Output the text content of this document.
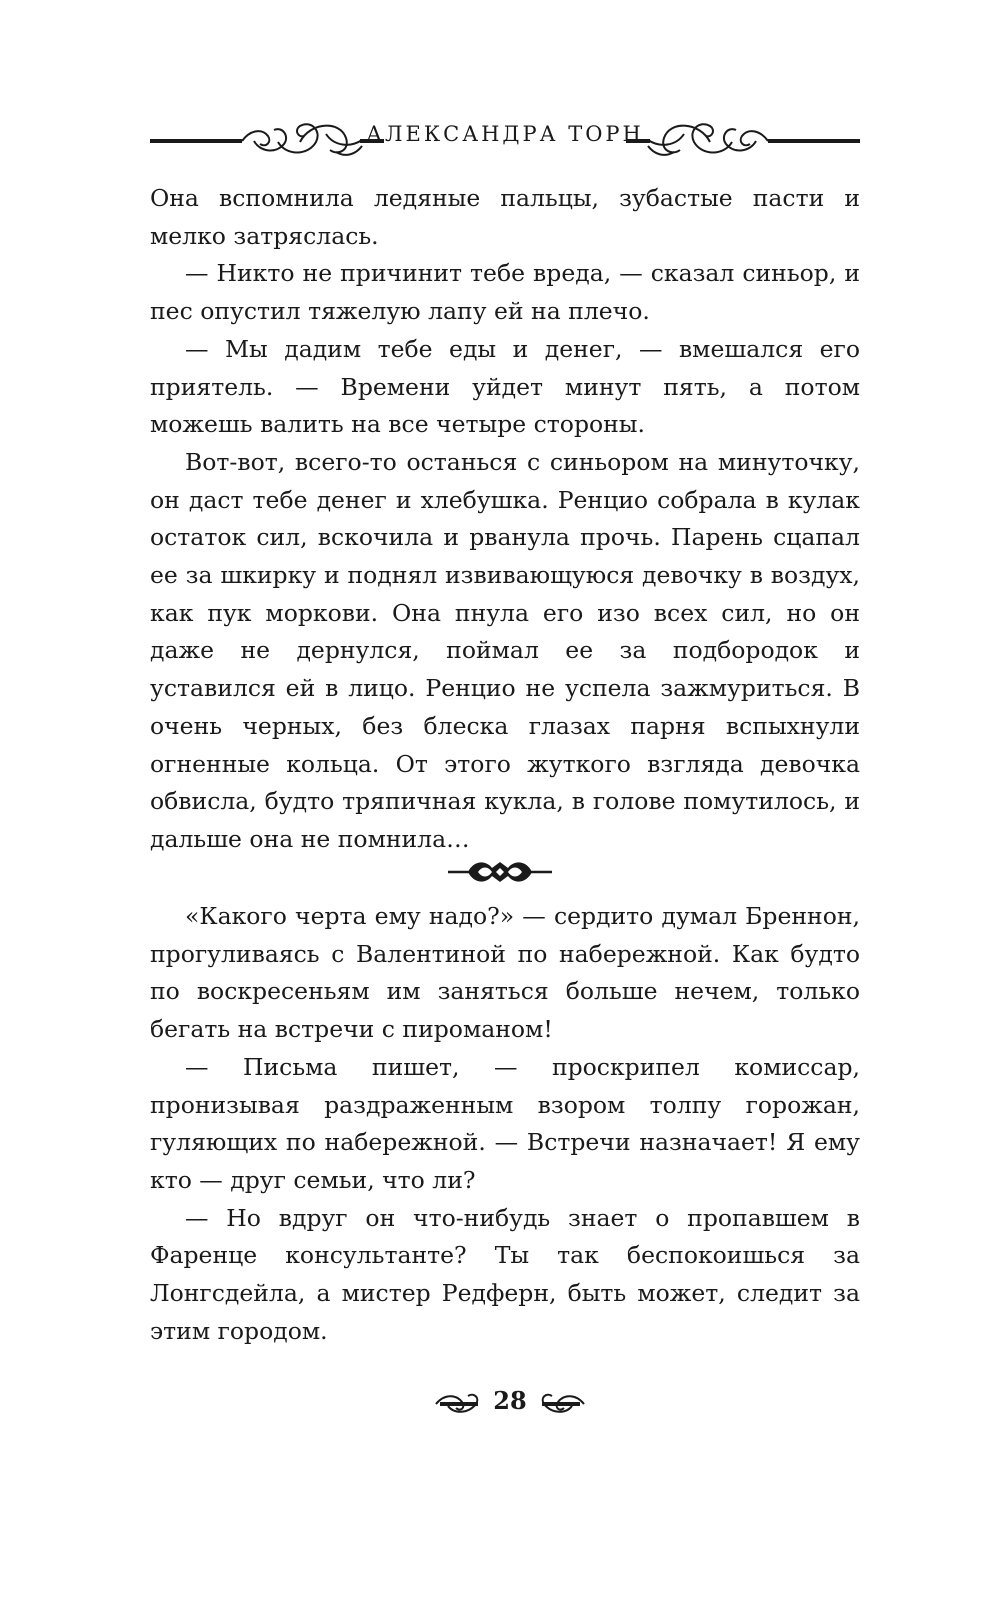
АЛЕКСАНДРА ТОРН

Она вспомнила ледяные пальцы, зубастые пасти и мелко затряслась.

— Никто не причинит тебе вреда, — сказал синьор, и пес опустил тяжелую лапу ей на плечо.

— Мы дадим тебе еды и денег, — вмешался его приятель. — Времени уйдет минут пять, а потом можешь валить на все четыре стороны.

Вот-вот, всего-то останься с синьором на минуточку, он даст тебе денег и хлебушка. Ренцио собрала в кулак остаток сил, вскочила и рванула прочь. Парень сцапал ее за шкирку и поднял извивающуюся девочку в воздух, как пук моркови. Она пнула его изо всех сил, но он даже не дернулся, поймал ее за подбородок и уставился ей в лицо. Ренцио не успела зажмуриться. В очень черных, без блеска глазах парня вспыхнули огненные кольца. От этого жуткого взгляда девочка обвисла, будто тряпичная кукла, в голове помутилось, и дальше она не помнила…

«Какого черта ему надо?» — сердито думал Бреннон, прогуливаясь с Валентиной по набережной. Как будто по воскресеньям им заняться больше нечем, только бегать на встречи с пироманом!

— Письма пишет, — проскрипел комиссар, пронизывая раздраженным взором толпу горожан, гуляющих по набережной. — Встречи назначает! Я ему кто — друг семьи, что ли?

— Но вдруг он что-нибудь знает о пропавшем в Фаренце консультанте? Ты так беспокоишься за Лонгсдейла, а мистер Редферн, быть может, следит за этим городом.

28
